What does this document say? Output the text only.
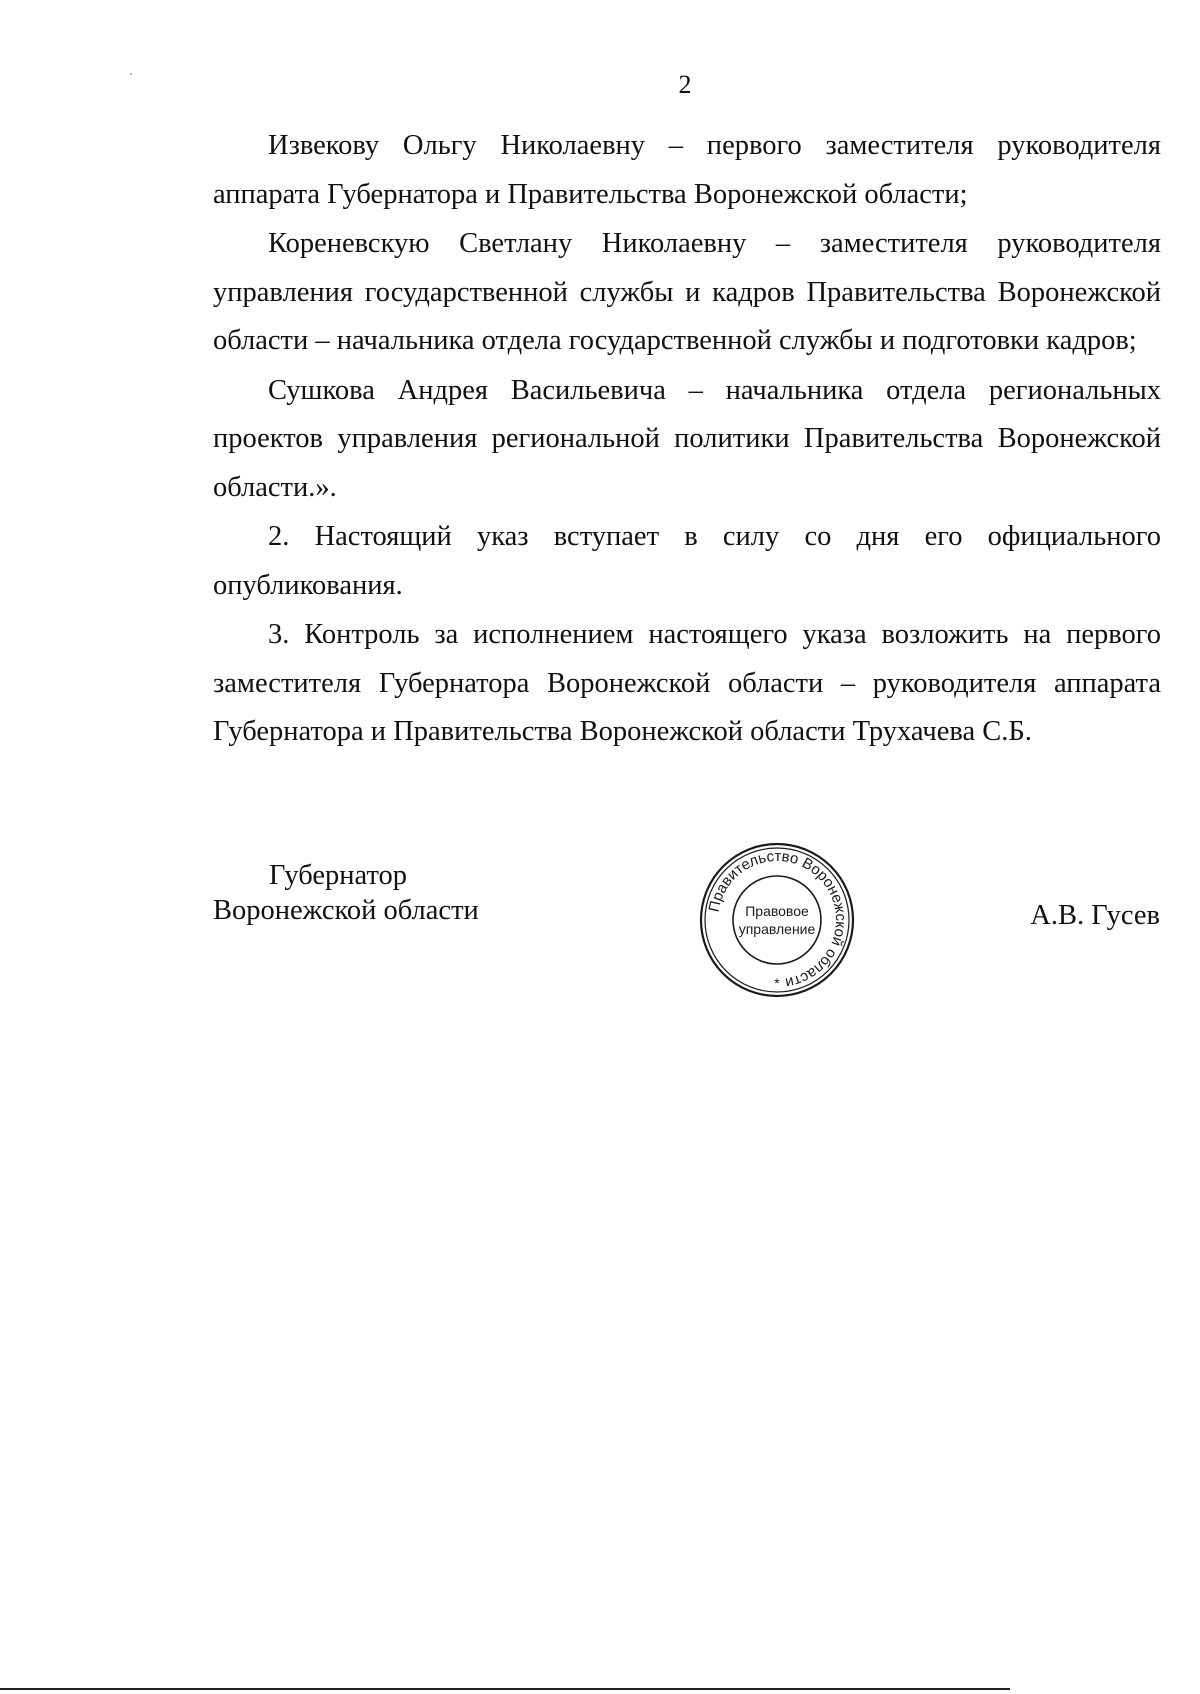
2

Извекову Ольгу Николаевну – первого заместителя руководителя аппарата Губернатора и Правительства Воронежской области;

Кореневскую Светлану Николаевну – заместителя руководителя управления государственной службы и кадров Правительства Воронежской области – начальника отдела государственной службы и подготовки кадров;

Сушкова Андрея Васильевича – начальника отдела региональных проектов управления региональной политики Правительства Воронежской области.».

2. Настоящий указ вступает в силу со дня его официального опубликования.

3. Контроль за исполнением настоящего указа возложить на первого заместителя Губернатора Воронежской области – руководителя аппарата Губернатора и Правительства Воронежской области Трухачева С.Б.

Губернатор
Воронежской области	Правительство Воронежской области
Правовое
управление
*
А.В. Гусев
